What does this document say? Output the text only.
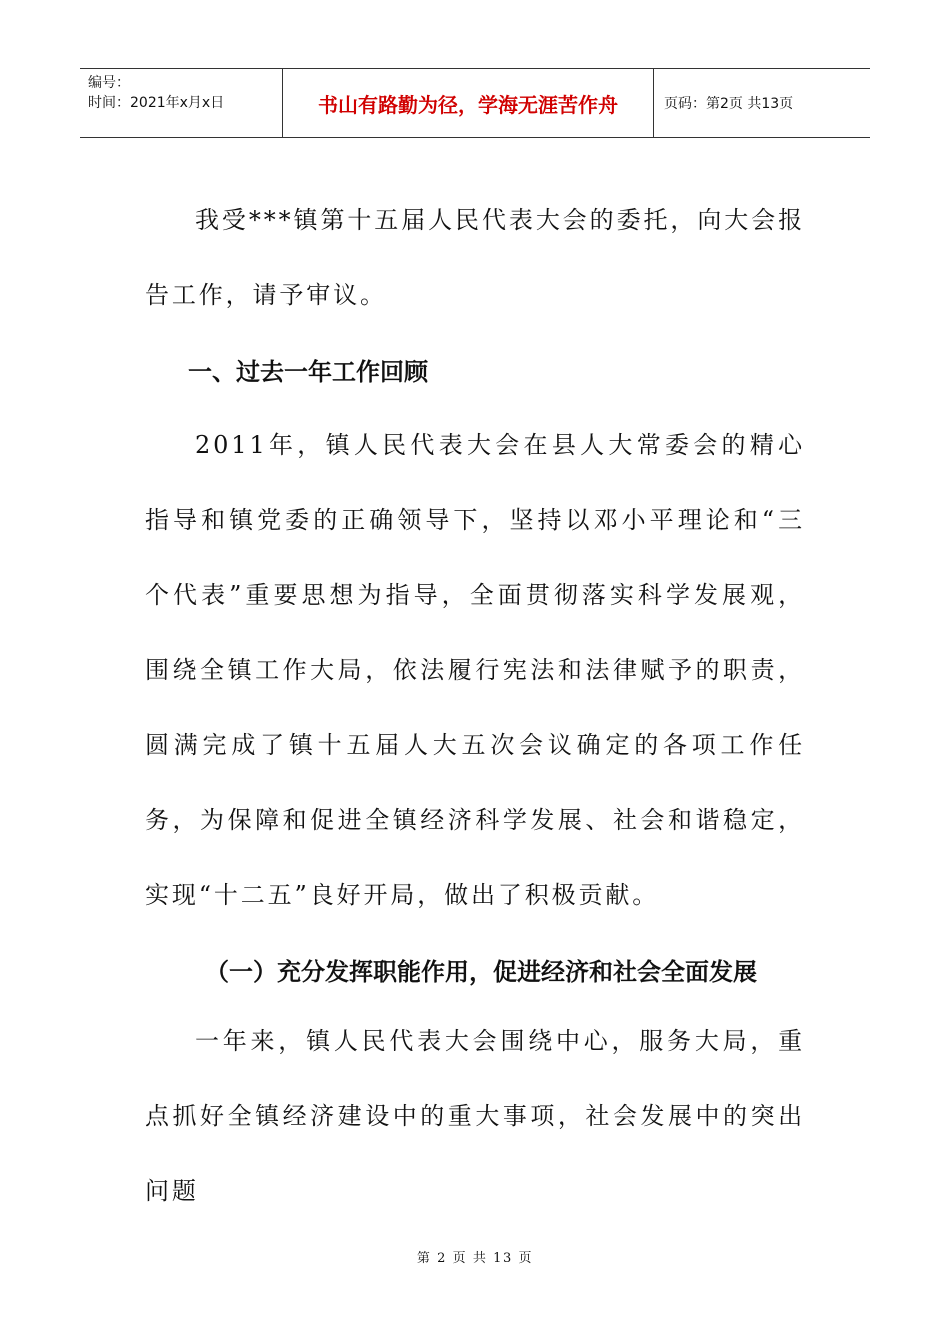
编号：
时间：2021年x月x日	书山有路勤为径，学海无涯苦作舟	页码：第2页 共13页

我受***镇第十五届人民代表大会的委托，向大会报告工作，请予审议。

一、过去一年工作回顾

2011年，镇人民代表大会在县人大常委会的精心指导和镇党委的正确领导下，坚持以邓小平理论和“三个代表”重要思想为指导，全面贯彻落实科学发展观，围绕全镇工作大局，依法履行宪法和法律赋予的职责，圆满完成了镇十五届人大五次会议确定的各项工作任务，为保障和促进全镇经济科学发展、社会和谐稳定，实现“十二五”良好开局，做出了积极贡献。

（一）充分发挥职能作用，促进经济和社会全面发展

一年来，镇人民代表大会围绕中心，服务大局，重点抓好全镇经济建设中的重大事项，社会发展中的突出问题

第 2 页 共 13 页
